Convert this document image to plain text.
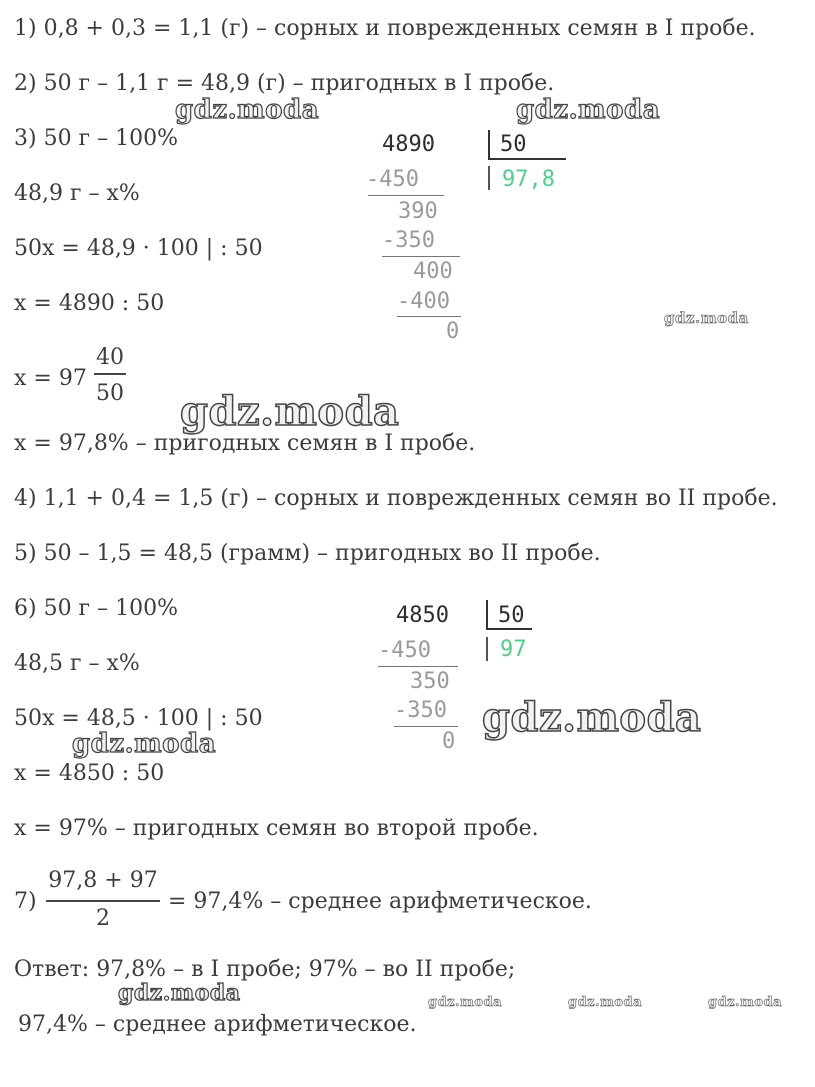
1) 0,8 + 0,3 = 1,1 (г) – сорных и поврежденных семян в I пробе.
2) 50 г – 1,1 г = 48,9 (г) – пригодных в I пробе.
3) 50 г – 100%
48,9 г – x%
50x = 48,9 · 100 | : 50
x = 4890 : 50
x = 97
40
50
x = 97,8% – пригодных семян в I пробе.
4) 1,1 + 0,4 = 1,5 (г) – сорных и поврежденных семян во II пробе.
5) 50 – 1,5 = 48,5 (грамм) – пригодных во II пробе.
6) 50 г – 100%
48,5 г – x%
50x = 48,5 · 100 | : 50
x = 4850 : 50
x = 97% – пригодных семян во второй пробе.
7)
97,8 + 97
2
= 97,4% – среднее арифметическое.
Ответ: 97,8% – в I пробе; 97% – во II пробе;
97,4% – среднее арифметическое.
4890	50
97,8
-450
390
-350
400
-400
0
4850 50
97
-450
350
-350
0
gdz.moda	gdz.moda
gdz.moda
gdz.moda
gdz.moda
gdz.moda
gdz.moda	gdz.moda	gdz.moda	gdz.moda
